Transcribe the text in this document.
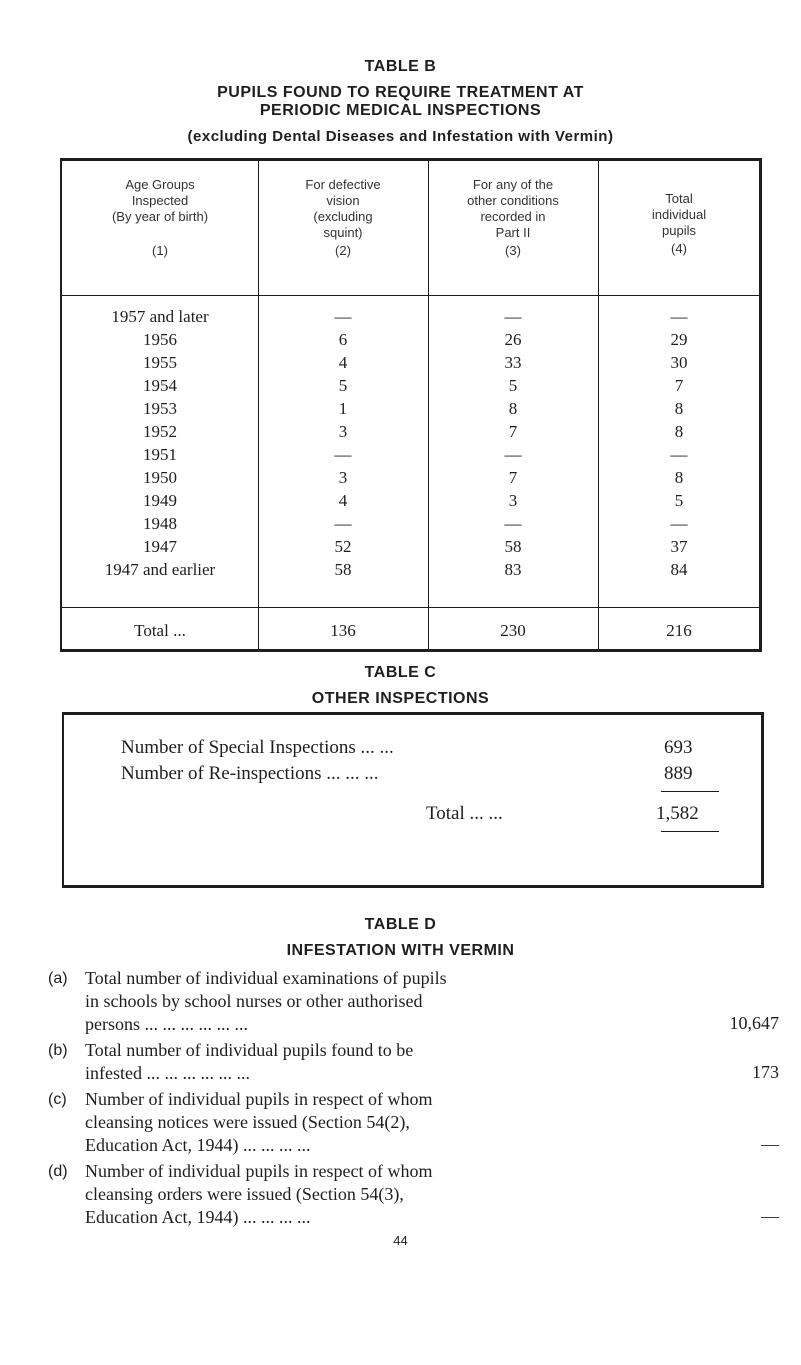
TABLE B
PUPILS FOUND TO REQUIRE TREATMENT AT
PERIODIC MEDICAL INSPECTIONS
(excluding Dental Diseases and Infestation with Vermin)
Age Groups
Inspected
(By year of birth)

(1)
For defective
vision
(excluding
squint)
(2)
For any of the
other conditions
recorded in
Part II
(3)
Total
individual
pupils
(4)
1957 and later	—	—	—
1956	6	26	29
1955	4	33	30
1954	5	5	7
1953	1	8	8
1952	3	7	8
1951	—	—	—
1950	3	7	8
1949	4	3	5
1948	—	—	—
1947	52	58	37
1947 and earlier	58	83	84
Total ...	136	230	216
TABLE C
OTHER INSPECTIONS
Number of Special Inspections ... ...	693
Number of Re-inspections ... ... ...	889
Total ... ...	1,582
TABLE D
INFESTATION WITH VERMIN
(a) Total number of individual examinations of pupils
in schools by school nurses or other authorised
persons ... ... ... ... ... ...	10,647
(b) Total number of individual pupils found to be
infested ... ... ... ... ... ...	173
(c) Number of individual pupils in respect of whom
cleansing notices were issued (Section 54(2),
Education Act, 1944) ... ... ... ...	—
(d) Number of individual pupils in respect of whom
cleansing orders were issued (Section 54(3),
Education Act, 1944) ... ... ... ...	—
44
